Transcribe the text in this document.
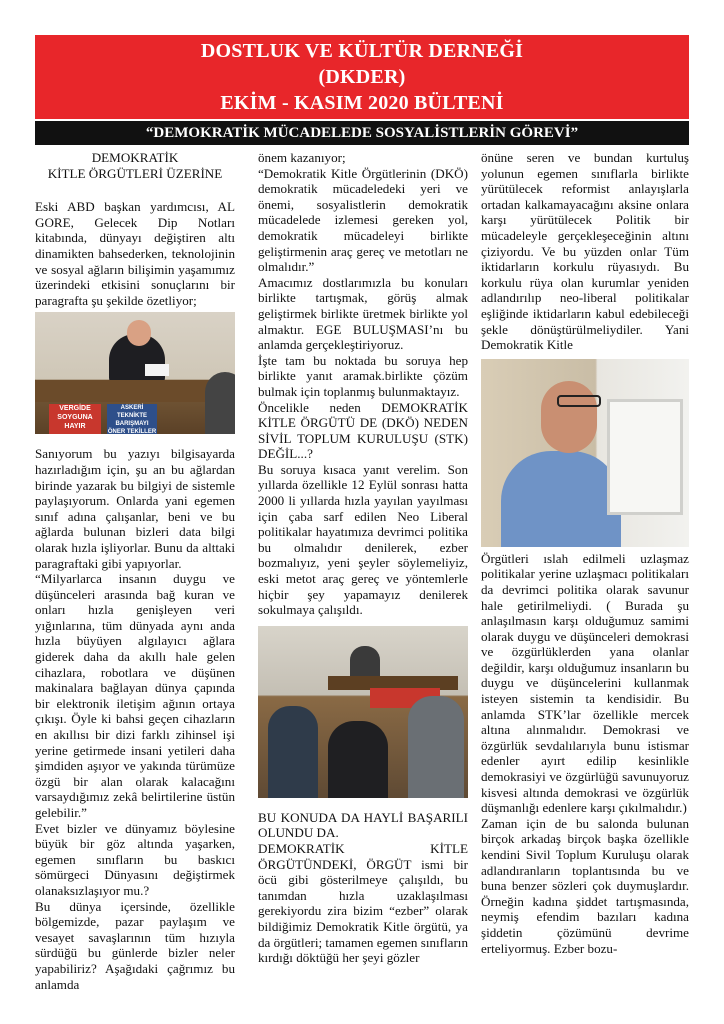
DOSTLUK VE KÜLTÜR DERNEĞİ
(DKDER)
EKİM - KASIM 2020 BÜLTENİ
“DEMOKRATİK MÜCADELEDE SOSYALİSTLERİN GÖREVİ”

DEMOKRATİK
KİTLE ÖRGÜTLERİ ÜZERİNE

Eski ABD başkan yardımcısı, AL GORE, Gelecek Dip Notları kitabında, dünyayı değiştiren altı dinamikten bahsederken, teknolojinin ve sosyal ağların bilişimin yaşamımız üzerindeki etkisini sonuçlarını bir paragrafta şu şekilde özetliyor;

VERGİDE SOYGUNA HAYIR
ASKERİ TEKNİKTE BARIŞMAYI ÖNER TEKİLLER

Sanıyorum bu yazıyı bilgisayarda hazırladığım için, şu an bu ağlardan birinde yazarak bu bilgiyi de sistemle paylaşıyorum. Onlarda yani egemen sınıf adına çalışanlar, beni ve bu ağlarda bulunan bizleri data bilgi olarak hızla işliyorlar. Bunu da alttaki paragraftaki gibi yapıyorlar.

“Milyarlarca insanın duygu ve düşünceleri arasında bağ kuran ve onları hızla genişleyen veri yığınlarına, tüm dünyada aynı anda hızla büyüyen algılayıcı ağlara giderek daha da akıllı hale gelen cihazlara, robotlara ve düşünen makinalara bağlayan dünya çapında bir elektronik iletişim ağının ortaya çıkışı. Öyle ki bahsi geçen cihazların en akıllısı bir dizi farklı zihinsel işi yerine getirmede insani yetileri daha şimdiden aşıyor ve yakında türümüze özgü bir alan olarak kalacağını varsaydığımız zekâ belirtilerine üstün gelebilir.”

Evet bizler ve dünyamız böylesine büyük bir göz altında yaşarken, egemen sınıfların bu baskıcı sömürgeci Dünyasını değiştirmek olanaksızlaşıyor mu.?

Bu dünya içersinde, özellikle bölgemizde, pazar paylaşım ve vesayet savaşlarının tüm hızıyla sürdüğü bu günlerde bizler neler yapabiliriz? Aşağıdaki çağrımız bu anlamda

önem kazanıyor;

“Demokratik Kitle Örgütlerinin (DKÖ) demokratik mücadeledeki yeri ve önemi, sosyalistlerin demokratik mücadelede izlemesi gereken yol, demokratik mücadeleyi birlikte geliştirmenin araç gereç ve metotları ne olmalıdır.”

Amacımız dostlarımızla bu konuları birlikte tartışmak, görüş almak geliştirmek birlikte üretmek birlikte yol almaktır. EGE BULUŞMASI’nı bu anlamda gerçekleştiriyoruz.

İşte tam bu noktada bu soruya hep birlikte yanıt aramak.birlikte çözüm bulmak için toplanmış bulunmaktayız.

Öncelikle neden DEMOKRATİK KİTLE ÖRGÜTÜ DE (DKÖ) NEDEN SİVİL TOPLUM KURULUŞU (STK) DEĞİL...?

Bu soruya kısaca yanıt verelim. Son yıllarda özellikle 12 Eylül sonrası hatta 2000 li yıllarda hızla yayılan yayılması için çaba sarf edilen Neo Liberal politikalar hayatımıza devrimci politika bu olmalıdır denilerek, ezber bozmalıyız, yeni şeyler söylemeliyiz, eski metot araç gereç ve yöntemlerle hiçbir şey yapamayız denilerek sokulmaya çalışıldı.

BU KONUDA DA HAYLİ BAŞARILI OLUNDU DA.

DEMOKRATİK KİTLE ÖRGÜTÜNDEKİ, ÖRGÜT ismi bir öcü gibi gösterilmeye çalışıldı, bu tanımdan hızla uzaklaşılması gerekiyordu zira bizim “ezber” olarak bildiğimiz Demokratik Kitle örgütü, ya da örgütleri; tamamen egemen sınıfların kırdığı döktüğü her şeyi gözler

önüne seren ve bundan kurtuluş yolunun egemen sınıflarla birlikte yürütülecek reformist anlayışlarla ortadan kalkamayacağını aksine onlara karşı yürütülecek Politik bir mücadeleyle gerçekleşeceğinin altını çiziyordu. Ve bu yüzden onlar Tüm iktidarların korkulu rüyasıydı. Bu korkulu rüya olan kurumlar yeniden adlandırılıp neo-liberal politikalar eşliğinde iktidarların kabul edebileceği şekle dönüştürülmeliydiler. Yani Demokratik Kitle

Örgütleri ıslah edilmeli uzlaşmaz politikalar yerine uzlaşmacı politikaları da devrimci politika olarak savunur hale getirilmeliydi. ( Burada şu anlaşılmasın karşı olduğumuz samimi olarak duygu ve düşünceleri demokrasi ve özgürlüklerden yana olanlar değildir, karşı olduğumuz insanların bu duygu ve düşüncelerini kullanmak isteyen sistemin ta kendisidir. Bu anlamda STK’lar özellikle mercek altına alınmalıdır. Demokrasi ve özgürlük sevdalılarıyla bunu istismar edenler ayırt edilip kesinlikle demokrasiyi ve özgürlüğü savunuyoruz kisvesi altında demokrasi ve özgürlük düşmanlığı edenlere karşı çıkılmalıdır.)

Zaman için de bu salonda bulunan birçok arkadaş birçok başka özellikle kendini Sivil Toplum Kuruluşu olarak adlandıranların toplantısında bu ve buna benzer sözleri çok duymuşlardır. Örneğin kadına şiddet tartışmasında, neymiş efendim bazıları kadına şiddetin çözümünü devrime erteliyormuş. Ezber bozu-
